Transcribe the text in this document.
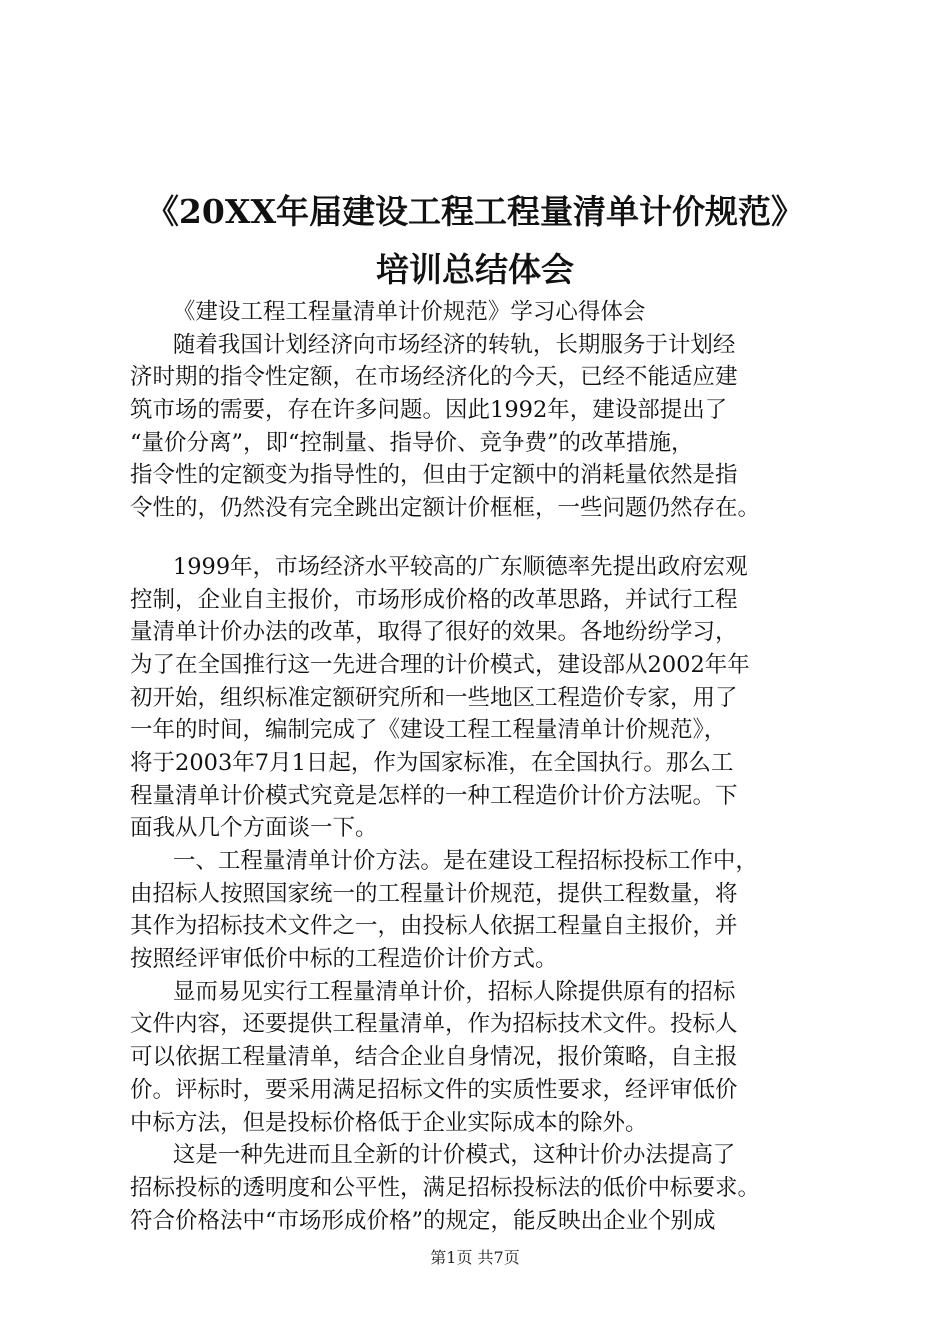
《20XX年届建设工程工程量清单计价规范》
培训总结体会
《建设工程工程量清单计价规范》学习心得体会
随着我国计划经济向市场经济的转轨，长期服务于计划经
济时期的指令性定额，在市场经济化的今天，已经不能适应建
筑市场的需要，存在许多问题。因此1992年，建设部提出了
“量价分离”，即“控制量、指导价、竞争费”的改革措施，
指令性的定额变为指导性的，但由于定额中的消耗量依然是指
令性的，仍然没有完全跳出定额计价框框，一些问题仍然存在。
1999年，市场经济水平较高的广东顺德率先提出政府宏观
控制，企业自主报价，市场形成价格的改革思路，并试行工程
量清单计价办法的改革，取得了很好的效果。各地纷纷学习，
为了在全国推行这一先进合理的计价模式，建设部从2002年年
初开始，组织标准定额研究所和一些地区工程造价专家，用了
一年的时间，编制完成了《建设工程工程量清单计价规范》，
将于2003年7月1日起，作为国家标准，在全国执行。那么工
程量清单计价模式究竟是怎样的一种工程造价计价方法呢。下
面我从几个方面谈一下。
一、工程量清单计价方法。是在建设工程招标投标工作中，
由招标人按照国家统一的工程量计价规范，提供工程数量，将
其作为招标技术文件之一，由投标人依据工程量自主报价，并
按照经评审低价中标的工程造价计价方式。
显而易见实行工程量清单计价，招标人除提供原有的招标
文件内容，还要提供工程量清单，作为招标技术文件。投标人
可以依据工程量清单，结合企业自身情况，报价策略，自主报
价。评标时，要采用满足招标文件的实质性要求，经评审低价
中标方法，但是投标价格低于企业实际成本的除外。
这是一种先进而且全新的计价模式，这种计价办法提高了
招标投标的透明度和公平性，满足招标投标法的低价中标要求。
符合价格法中“市场形成价格”的规定，能反映出企业个别成
第1页 共7页
